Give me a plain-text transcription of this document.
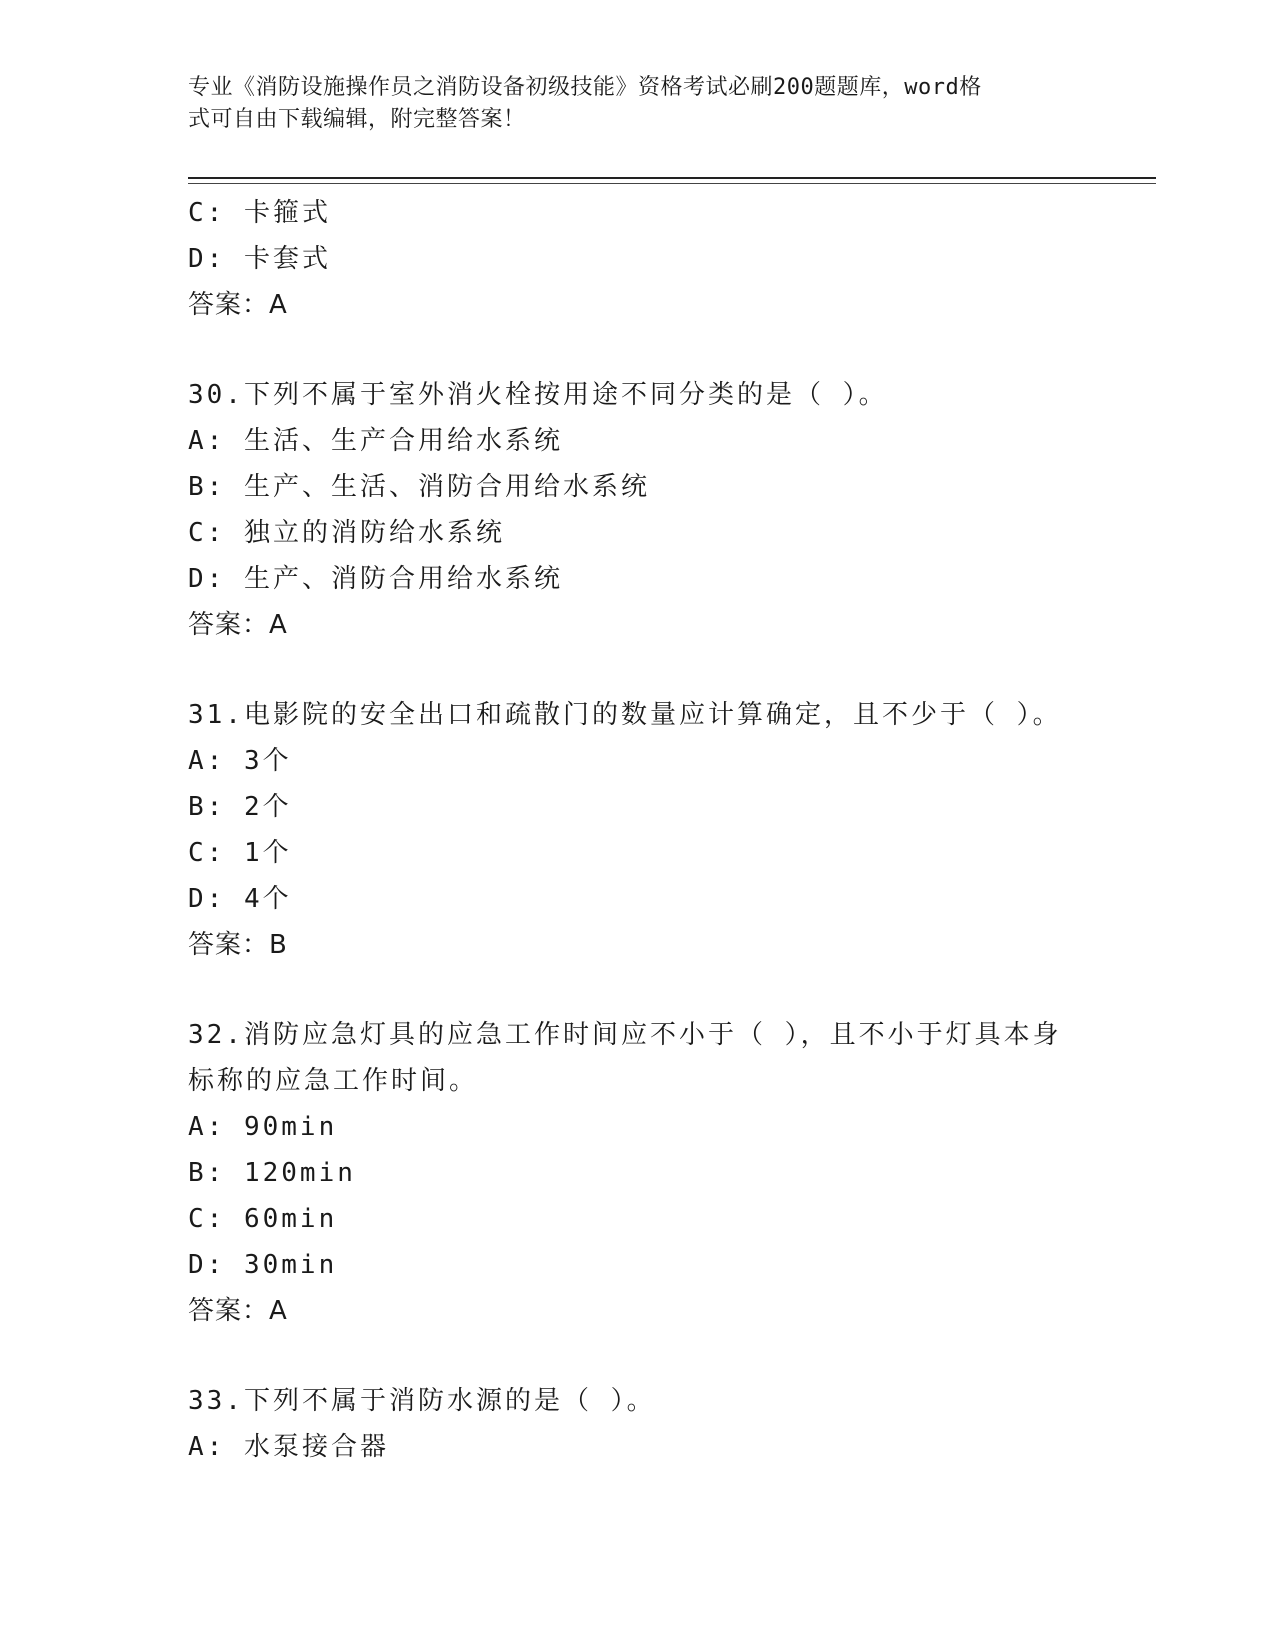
专业《消防设施操作员之消防设备初级技能》资格考试必刷200题题库，word格
式可自由下载编辑，附完整答案！
C: 卡箍式
D: 卡套式
答案：A
30.下列不属于室外消火栓按用途不同分类的是（ ）。
A: 生活、生产合用给水系统
B: 生产、生活、消防合用给水系统
C: 独立的消防给水系统
D: 生产、消防合用给水系统
答案：A
31.电影院的安全出口和疏散门的数量应计算确定，且不少于（ ）。
A: 3个
B: 2个
C: 1个
D: 4个
答案：B
32.消防应急灯具的应急工作时间应不小于（ ），且不小于灯具本身
标称的应急工作时间。
A: 90min
B: 120min
C: 60min
D: 30min
答案：A
33.下列不属于消防水源的是（ ）。
A: 水泵接合器
